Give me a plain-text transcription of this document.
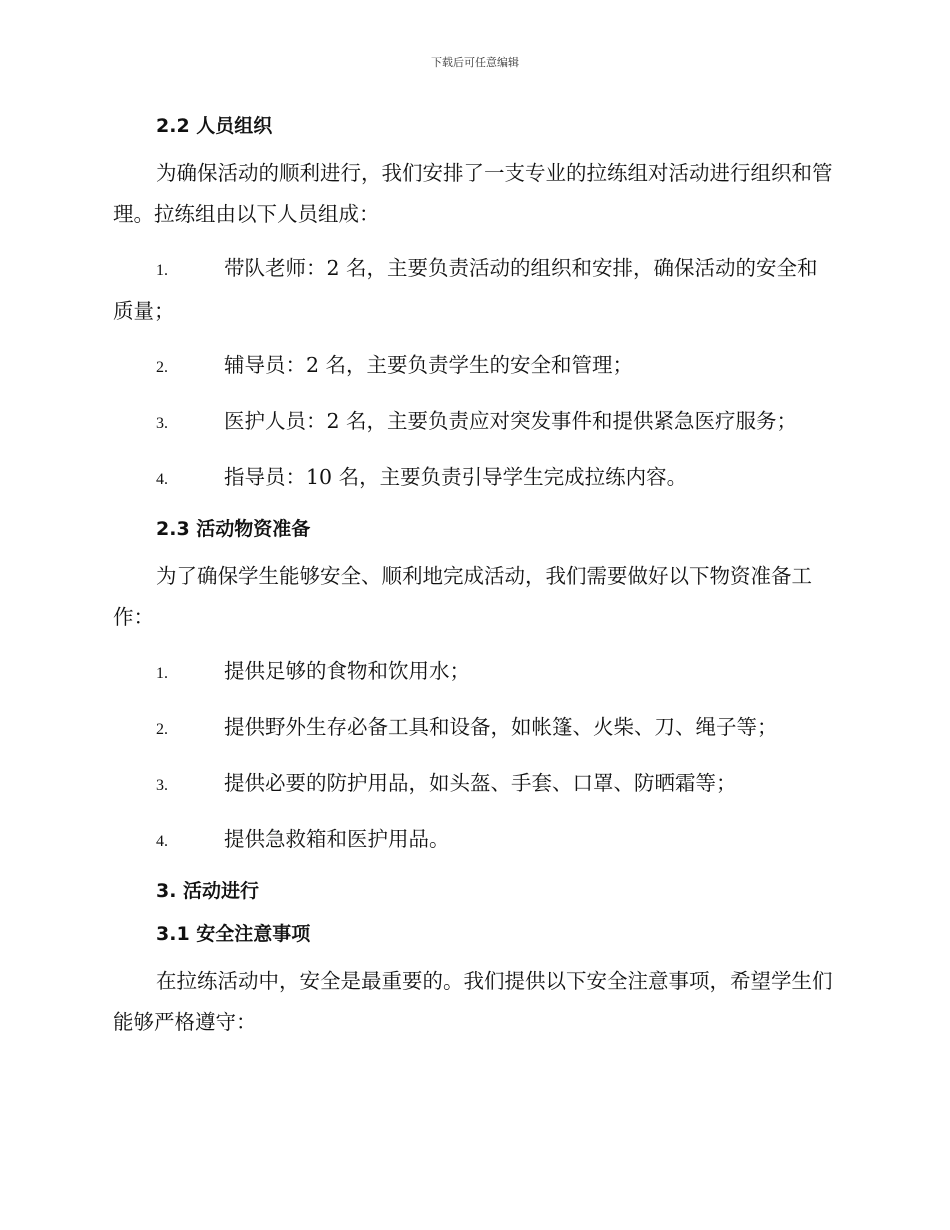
下载后可任意编辑

2.2 人员组织

为确保活动的顺利进行，我们安排了一支专业的拉练组对活动进行组织和管理。拉练组由以下人员组成：

1.	带队老师：2 名，主要负责活动的组织和安排，确保活动的安全和质量；

2.	辅导员：2 名，主要负责学生的安全和管理；

3.	医护人员：2 名，主要负责应对突发事件和提供紧急医疗服务；

4.	指导员：10 名，主要负责引导学生完成拉练内容。

2.3 活动物资准备

为了确保学生能够安全、顺利地完成活动，我们需要做好以下物资准备工作：

1.	提供足够的食物和饮用水；

2.	提供野外生存必备工具和设备，如帐篷、火柴、刀、绳子等；

3.	提供必要的防护用品，如头盔、手套、口罩、防晒霜等；

4.	提供急救箱和医护用品。

3. 活动进行

3.1 安全注意事项

在拉练活动中，安全是最重要的。我们提供以下安全注意事项，希望学生们能够严格遵守：
